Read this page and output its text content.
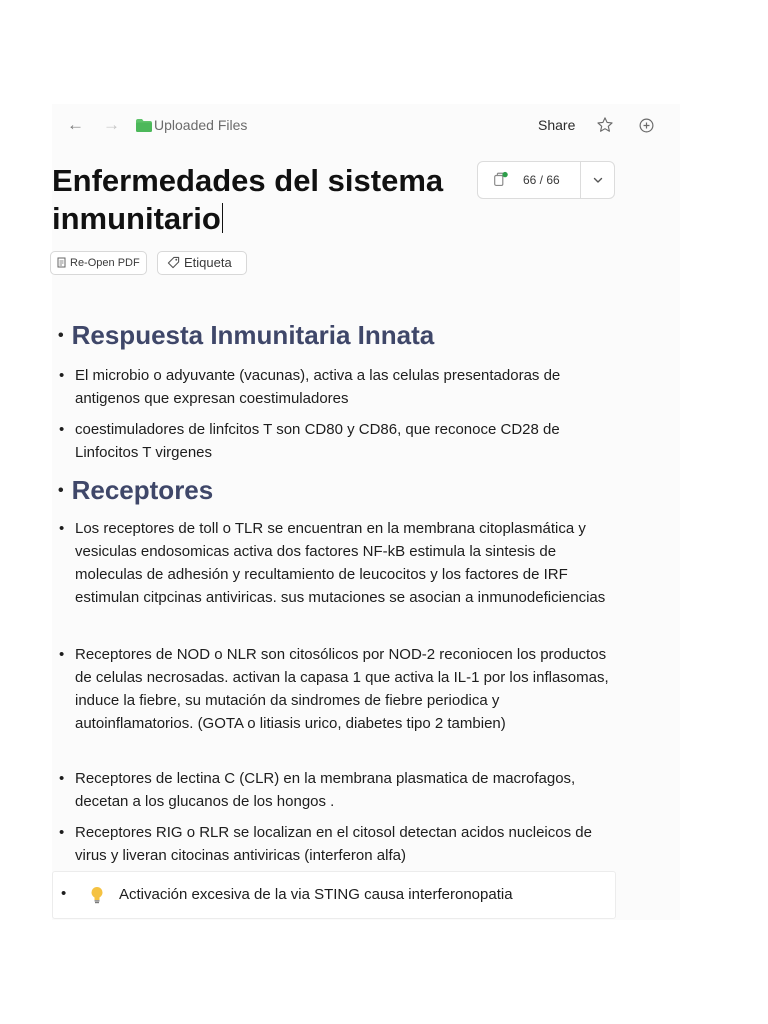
← → Uploaded Files	Share
Enfermedades del sistema inmunitario
66 / 66
Re-Open PDF	Etiqueta
• Respuesta Inmunitaria Innata
• El microbio o adyuvante (vacunas), activa a las celulas presentadoras de antigenos que expresan coestimuladores
• coestimuladores de linfcitos T son CD80 y CD86, que reconoce CD28 de Linfocitos T virgenes
• Receptores
• Los receptores de toll o TLR se encuentran en la membrana citoplasmática y vesiculas endosomicas activa dos factores NF-kB estimula la sintesis de moleculas de adhesión y recultamiento de leucocitos y los factores de IRF estimulan citpcinas antiviricas. sus mutaciones se asocian a inmunodeficiencias
• Receptores de NOD o NLR son citosólicos por NOD-2 reconiocen los productos de celulas necrosadas. activan la capasa 1 que activa la IL-1 por los inflasomas, induce la fiebre, su mutación da sindromes de fiebre periodica y autoinflamatorios. (GOTA o litiasis urico, diabetes tipo 2 tambien)
• Receptores de lectina C (CLR) en la membrana plasmatica de macrofagos, decetan a los glucanos de los hongos .
• Receptores RIG o RLR se localizan en el citosol detectan acidos nucleicos de virus y liveran citocinas antiviricas (interferon alfa)
•	Activación excesiva de la via STING causa interferonopatia
